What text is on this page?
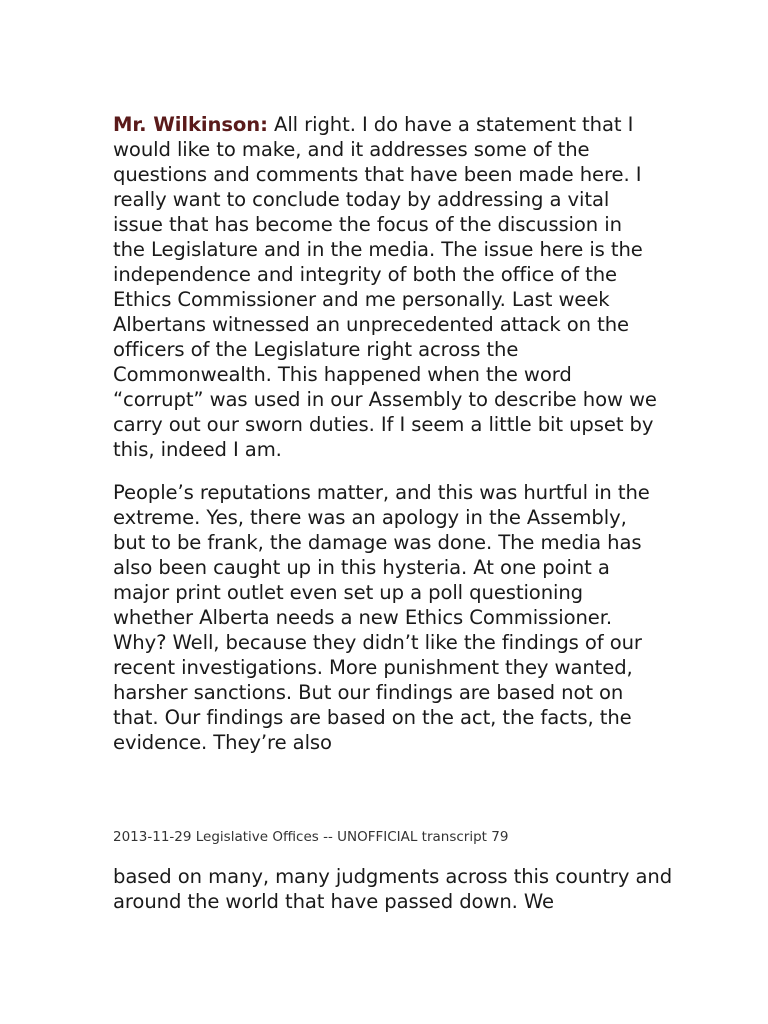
Mr. Wilkinson: All right. I do have a statement that I would like to make, and it addresses some of the questions and comments that have been made here. I really want to conclude today by addressing a vital issue that has become the focus of the discussion in the Legislature and in the media. The issue here is the independence and integrity of both the office of the Ethics Commissioner and me personally. Last week Albertans witnessed an unprecedented attack on the officers of the Legislature right across the Commonwealth. This happened when the word “corrupt” was used in our Assembly to describe how we carry out our sworn duties. If I seem a little bit upset by this, indeed I am.

People’s reputations matter, and this was hurtful in the extreme. Yes, there was an apology in the Assembly, but to be frank, the damage was done. The media has also been caught up in this hysteria. At one point a major print outlet even set up a poll questioning whether Alberta needs a new Ethics Commissioner. Why? Well, because they didn’t like the findings of our recent investigations. More punishment they wanted, harsher sanctions. But our findings are based not on that. Our findings are based on the act, the facts, the evidence. They’re also

2013-11-29 Legislative Offices -- UNOFFICIAL transcript 79

based on many, many judgments across this country and around the world that have passed down. We
